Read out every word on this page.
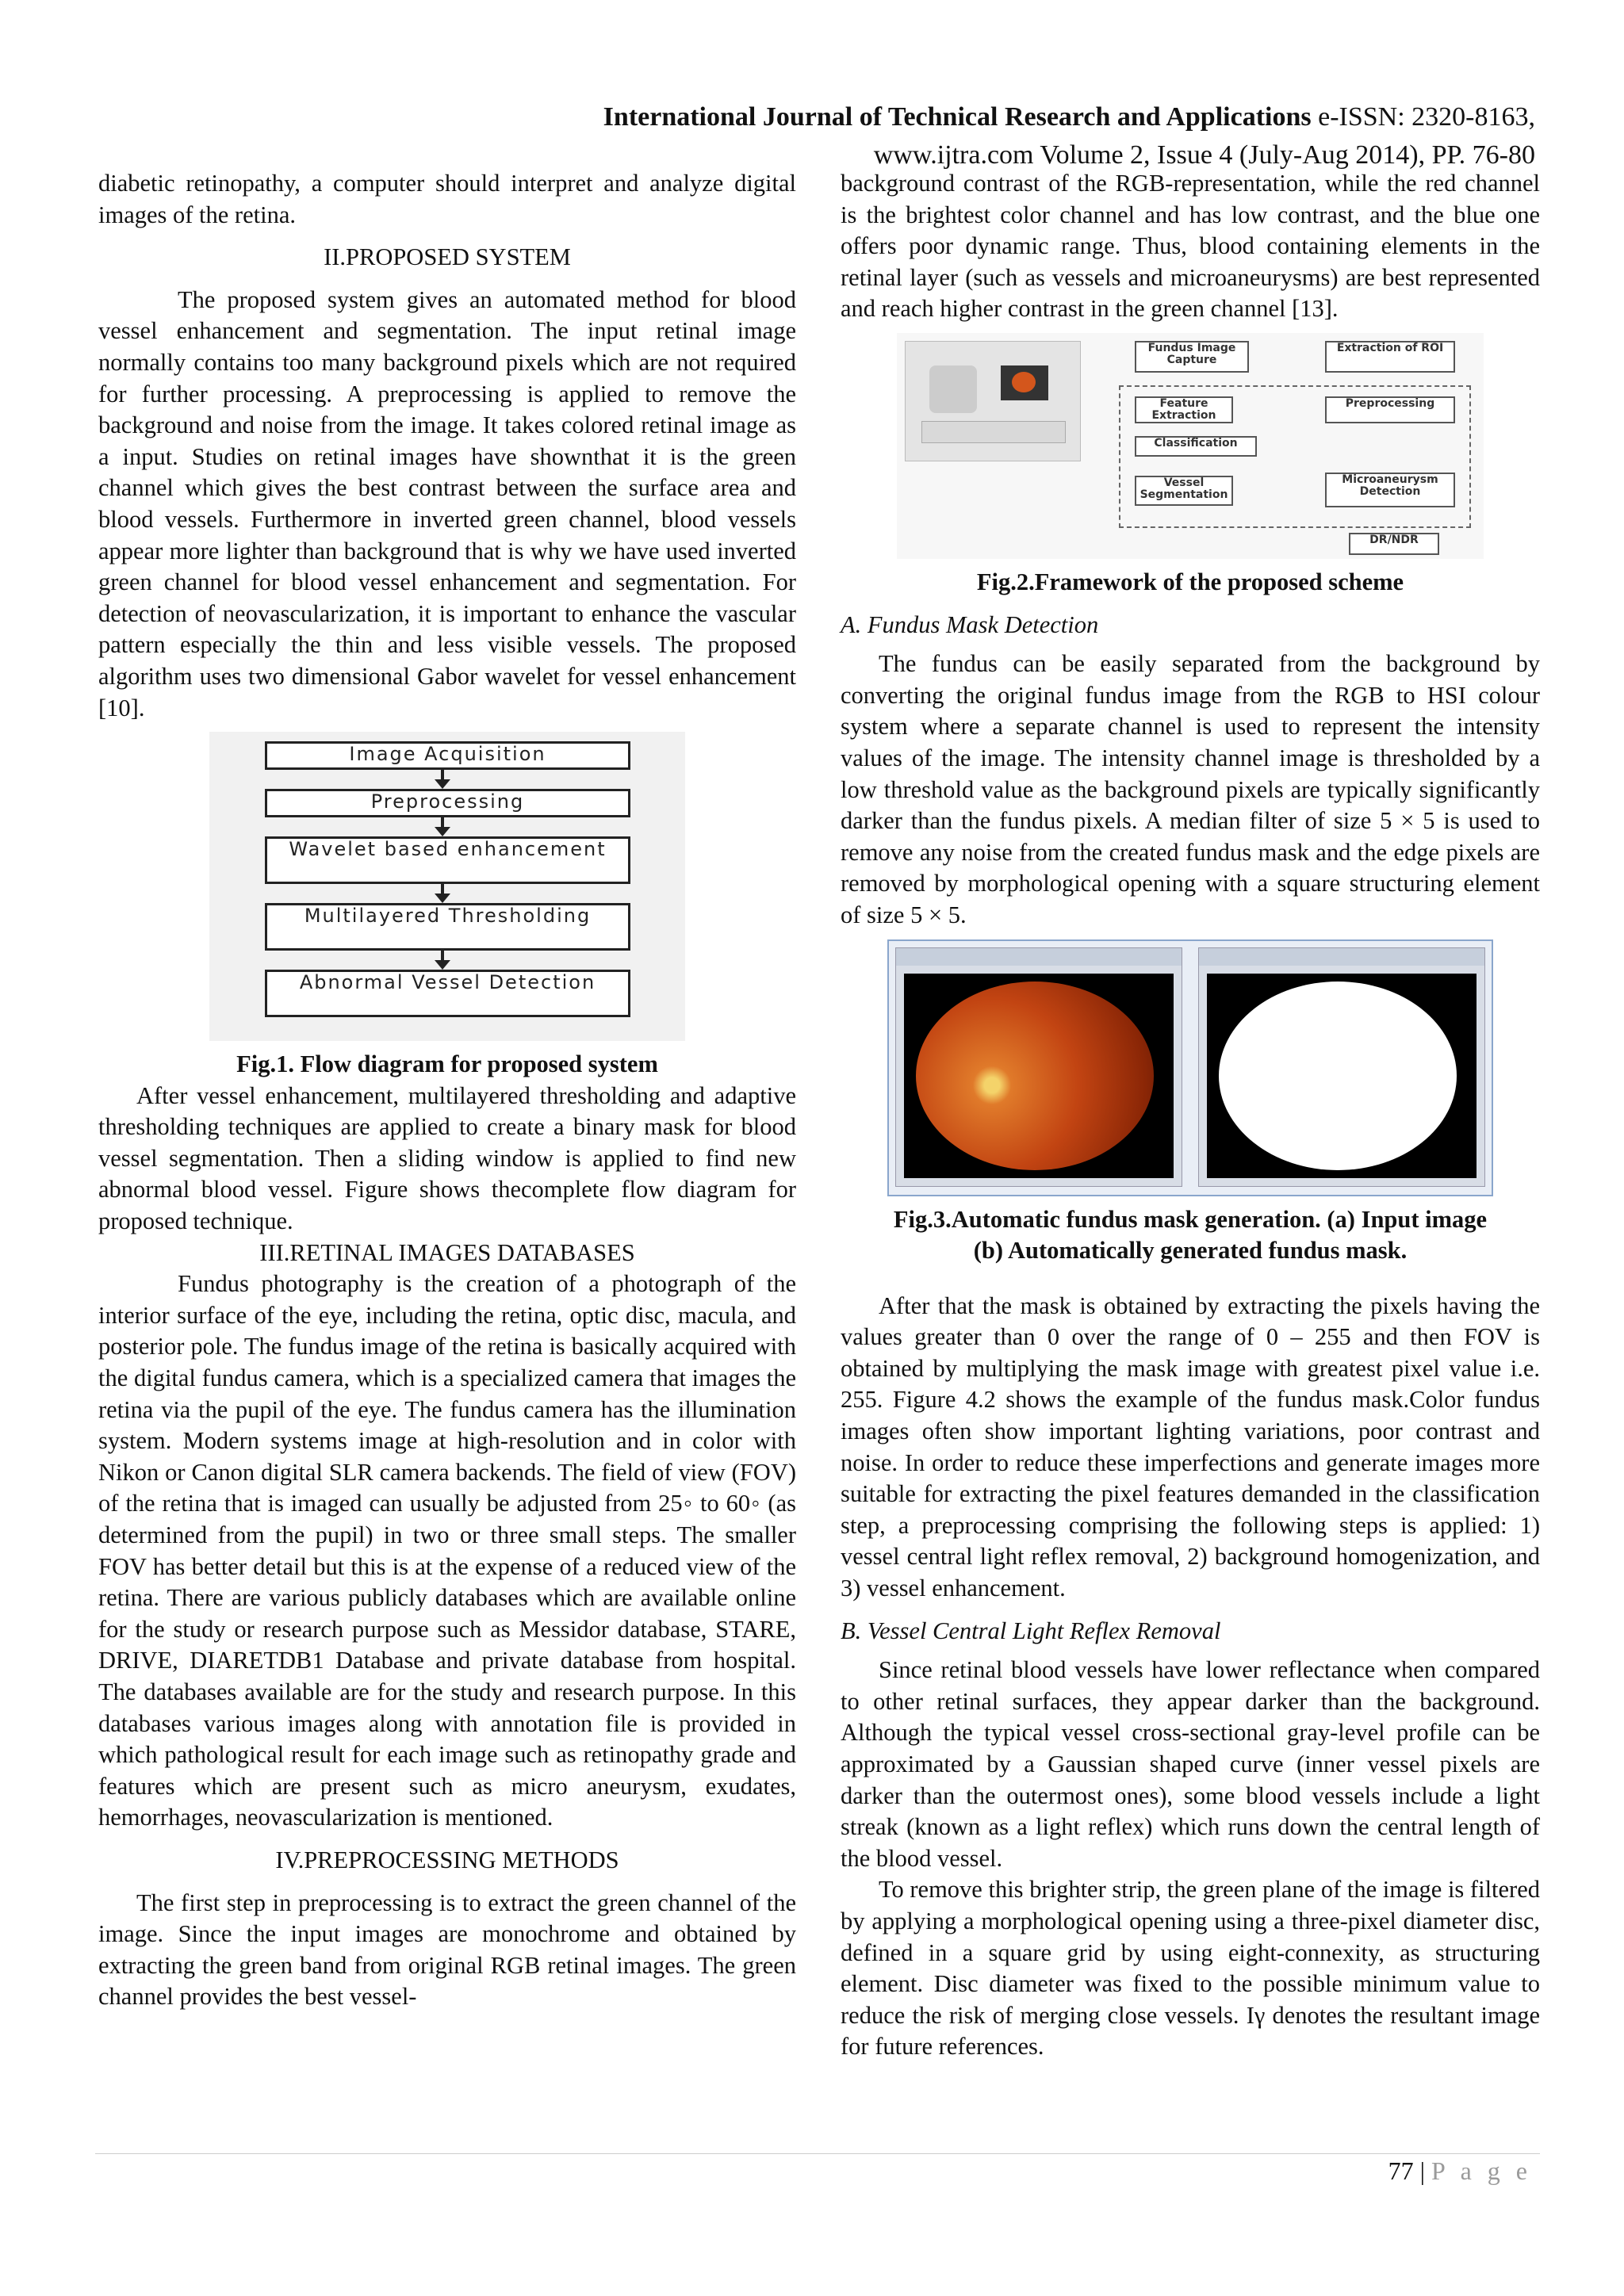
International Journal of Technical Research and Applications e-ISSN: 2320-8163,
www.ijtra.com Volume 2, Issue 4 (July-Aug 2014), PP. 76-80

diabetic retinopathy, a computer should interpret and analyze digital images of the retina.

II.PROPOSED SYSTEM

The proposed system gives an automated method for blood vessel enhancement and segmentation. The input retinal image normally contains too many background pixels which are not required for further processing. A preprocessing is applied to remove the background and noise from the image. It takes colored retinal image as a input. Studies on retinal images have shownthat it is the green channel which gives the best contrast between the surface area and blood vessels. Furthermore in inverted green channel, blood vessels appear more lighter than background that is why we have used inverted green channel for blood vessel enhancement and segmentation. For detection of neovascularization, it is important to enhance the vascular pattern especially the thin and less visible vessels. The proposed algorithm uses two dimensional Gabor wavelet for vessel enhancement [10].

Image Acquisition
Preprocessing
Wavelet based enhancement
Multilayered Thresholding
Abnormal Vessel Detection

Fig.1. Flow diagram for proposed system

After vessel enhancement, multilayered thresholding and adaptive thresholding techniques are applied to create a binary mask for blood vessel segmentation. Then a sliding window is applied to find new abnormal blood vessel. Figure shows thecomplete flow diagram for proposed technique.

III.RETINAL IMAGES DATABASES

Fundus photography is the creation of a photograph of the interior surface of the eye, including the retina, optic disc, macula, and posterior pole. The fundus image of the retina is basically acquired with the digital fundus camera, which is a specialized camera that images the retina via the pupil of the eye. The fundus camera has the illumination system. Modern systems image at high-resolution and in color with Nikon or Canon digital SLR camera backends. The field of view (FOV) of the retina that is imaged can usually be adjusted from 25◦ to 60◦ (as determined from the pupil) in two or three small steps. The smaller FOV has better detail but this is at the expense of a reduced view of the retina. There are various publicly databases which are available online for the study or research purpose such as Messidor database, STARE, DRIVE, DIARETDB1 Database and private database from hospital. The databases available are for the study and research purpose. In this databases various images along with annotation file is provided in which pathological result for each image such as retinopathy grade and features which are present such as micro aneurysm, exudates, hemorrhages, neovascularization is mentioned.

IV.PREPROCESSING METHODS

The first step in preprocessing is to extract the green channel of the image. Since the input images are monochrome and obtained by extracting the green band from original RGB retinal images. The green channel provides the best vessel-

background contrast of the RGB-representation, while the red channel is the brightest color channel and has low contrast, and the blue one offers poor dynamic range. Thus, blood containing elements in the retinal layer (such as vessels and microaneurysms) are best represented and reach higher contrast in the green channel [13].

Fundus Image Capture
Extraction of ROI
Feature Extraction
Preprocessing
Classification
Vessel Segmentation
Microaneurysm Detection
DR/NDR

Fig.2.Framework of the proposed scheme

A. Fundus Mask Detection

The fundus can be easily separated from the background by converting the original fundus image from the RGB to HSI colour system where a separate channel is used to represent the intensity values of the image. The intensity channel image is thresholded by a low threshold value as the background pixels are typically significantly darker than the fundus pixels. A median filter of size 5 × 5 is used to remove any noise from the created fundus mask and the edge pixels are removed by morphological opening with a square structuring element of size 5 × 5.

Fig.3.Automatic fundus mask generation. (a) Input image

(b) Automatically generated fundus mask.

After that the mask is obtained by extracting the pixels having the values greater than 0 over the range of 0 – 255 and then FOV is obtained by multiplying the mask image with greatest pixel value i.e. 255. Figure 4.2 shows the example of the fundus mask.Color fundus images often show important lighting variations, poor contrast and noise. In order to reduce these imperfections and generate images more suitable for extracting the pixel features demanded in the classification step, a preprocessing comprising the following steps is applied: 1) vessel central light reflex removal, 2) background homogenization, and 3) vessel enhancement.

B. Vessel Central Light Reflex Removal

Since retinal blood vessels have lower reflectance when compared to other retinal surfaces, they appear darker than the background. Although the typical vessel cross-sectional gray-level profile can be approximated by a Gaussian shaped curve (inner vessel pixels are darker than the outermost ones), some blood vessels include a light streak (known as a light reflex) which runs down the central length of the blood vessel.

To remove this brighter strip, the green plane of the image is filtered by applying a morphological opening using a three-pixel diameter disc, defined in a square grid by using eight-connexity, as structuring element. Disc diameter was fixed to the possible minimum value to reduce the risk of merging close vessels. Iγ denotes the resultant image for future references.

77 | P a g e
